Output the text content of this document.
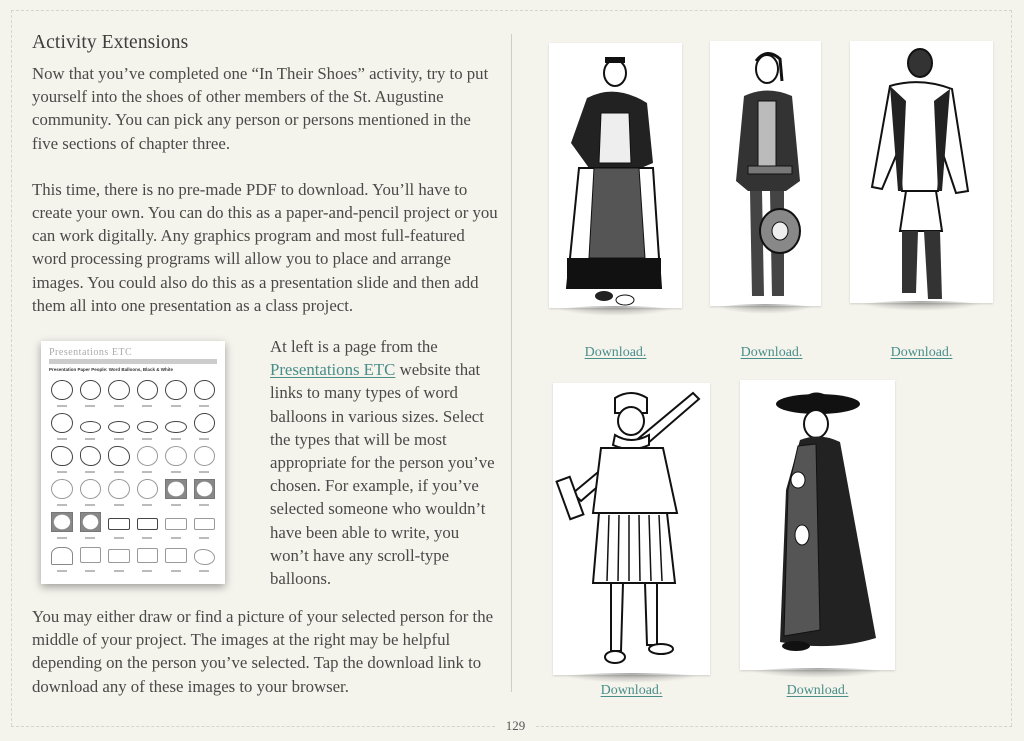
129
Activity Extensions

Now that you’ve completed one “In Their Shoes” activity, try to put yourself into the shoes of other members of the St. Augustine community. You can pick any person or persons mentioned in the five sections of chapter three.

This time, there is no pre-made PDF to download. You’ll have to create your own. You can do this as a paper-and-pencil project or you can work digitally. Any graphics program and most full-featured word processing programs will allow you to place and arrange images. You could also do this as a presentation slide and then add them all into one presentation as a class project.

Presentations ETC
Presentation Paper People: Word Balloons, Black & White

At left is a page from the Presentations ETC website that links to many types of word balloons in various sizes. Select the types that will be most appropriate for the person you’ve chosen. For example, if you’ve selected someone who wouldn’t have been able to write, you won’t have any scroll-type balloons.

You may either draw or find a picture of your selected person for the middle of your project. The images at the right may be helpful depending on the person you’ve selected. Tap the download link to download any of these images to your browser.

Download.	Download.	Download.
Download.	Download.
